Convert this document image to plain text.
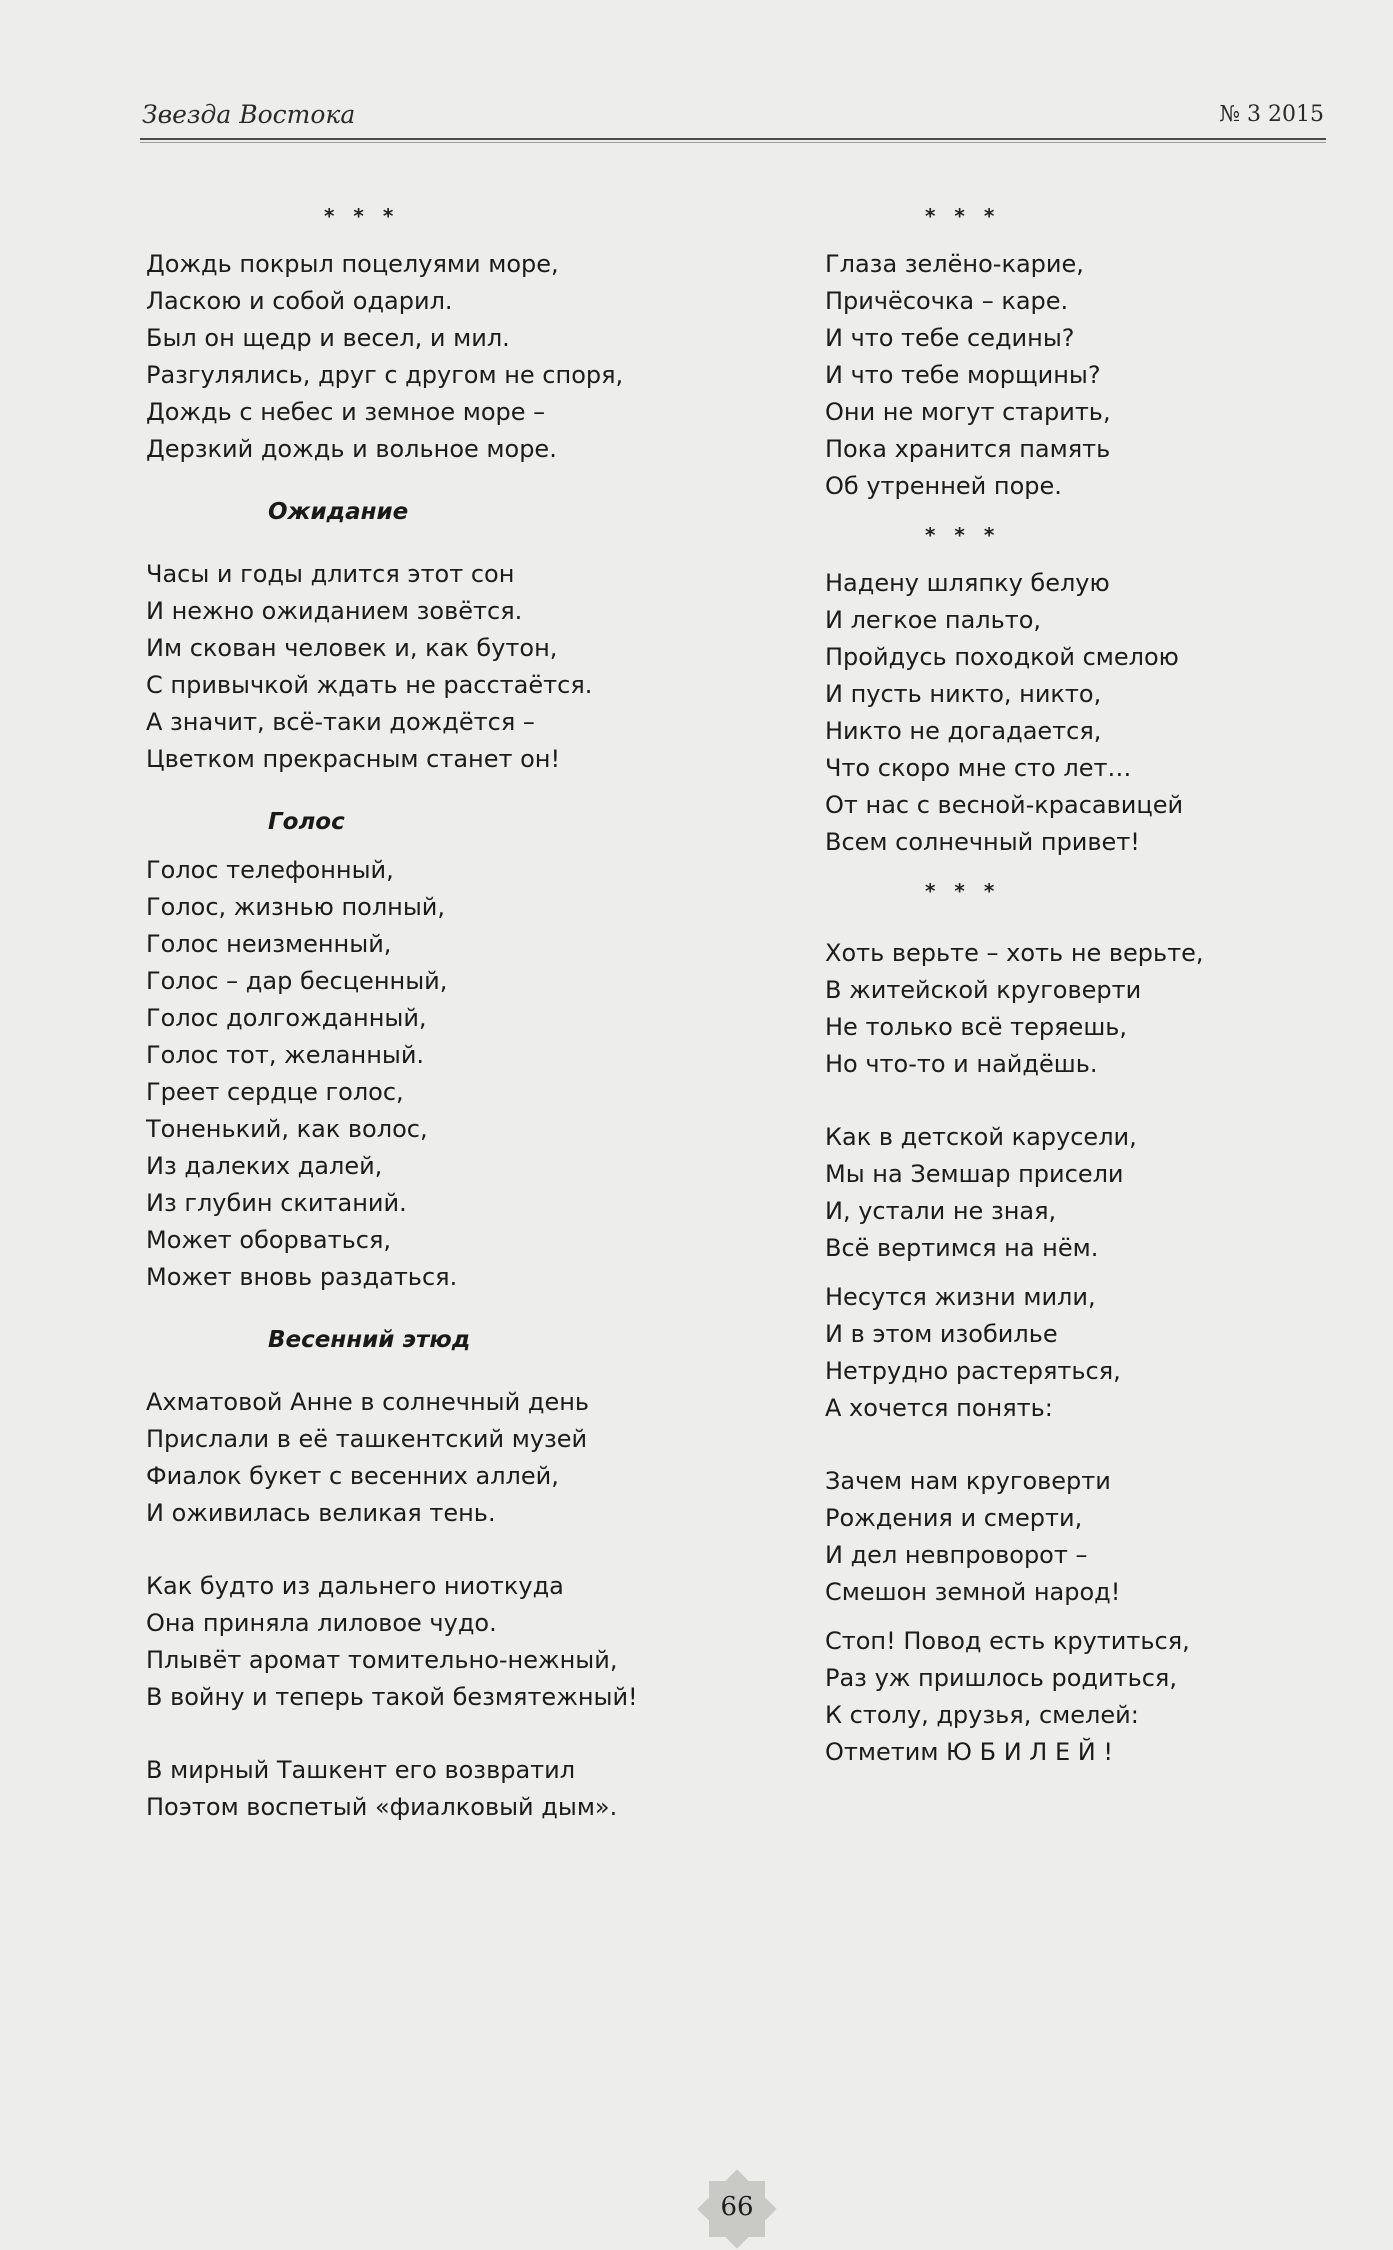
Звезда Востока	№ 3 2015
* * *
Дождь покрыл поцелуями море,
Ласкою и собой одарил.
Был он щедр и весел, и мил.
Разгулялись, друг с другом не споря,
Дождь с небес и земное море –
Дерзкий дождь и вольное море.
Ожидание
Часы и годы длится этот сон
И нежно ожиданием зовётся.
Им скован человек и, как бутон,
С привычкой ждать не расстаётся.
А значит, всё-таки дождётся –
Цветком прекрасным станет он!
Голос
Голос телефонный,
Голос, жизнью полный,
Голос неизменный,
Голос – дар бесценный,
Голос долгожданный,
Голос тот, желанный.
Греет сердце голос,
Тоненький, как волос,
Из далеких далей,
Из глубин скитаний.
Может оборваться,
Может вновь раздаться.
Весенний этюд
Ахматовой Анне в солнечный день
Прислали в её ташкентский музей
Фиалок букет с весенних аллей,
И оживилась великая тень.
Как будто из дальнего ниоткуда
Она приняла лиловое чудо.
Плывёт аромат томительно-нежный,
В войну и теперь такой безмятежный!
В мирный Ташкент его возвратил
Поэтом воспетый «фиалковый дым».
* * *
Глаза зелёно-карие,
Причёсочка – каре.
И что тебе седины?
И что тебе морщины?
Они не могут старить,
Пока хранится память
Об утренней поре.
* * *
Надену шляпку белую
И легкое пальто,
Пройдусь походкой смелою
И пусть никто, никто,
Никто не догадается,
Что скоро мне сто лет…
От нас с весной-красавицей
Всем солнечный привет!
* * *
Хоть верьте – хоть не верьте,
В житейской круговерти
Не только всё теряешь,
Но что-то и найдёшь.
Как в детской карусели,
Мы на Земшар присели
И, устали не зная,
Всё вертимся на нём.
Несутся жизни мили,
И в этом изобилье
Нетрудно растеряться,
А хочется понять:
Зачем нам круговерти
Рождения и смерти,
И дел невпроворот –
Смешон земной народ!
Стоп! Повод есть крутиться,
Раз уж пришлось родиться,
К столу, друзья, смелей:
Отметим Ю Б И Л Е Й !
66
